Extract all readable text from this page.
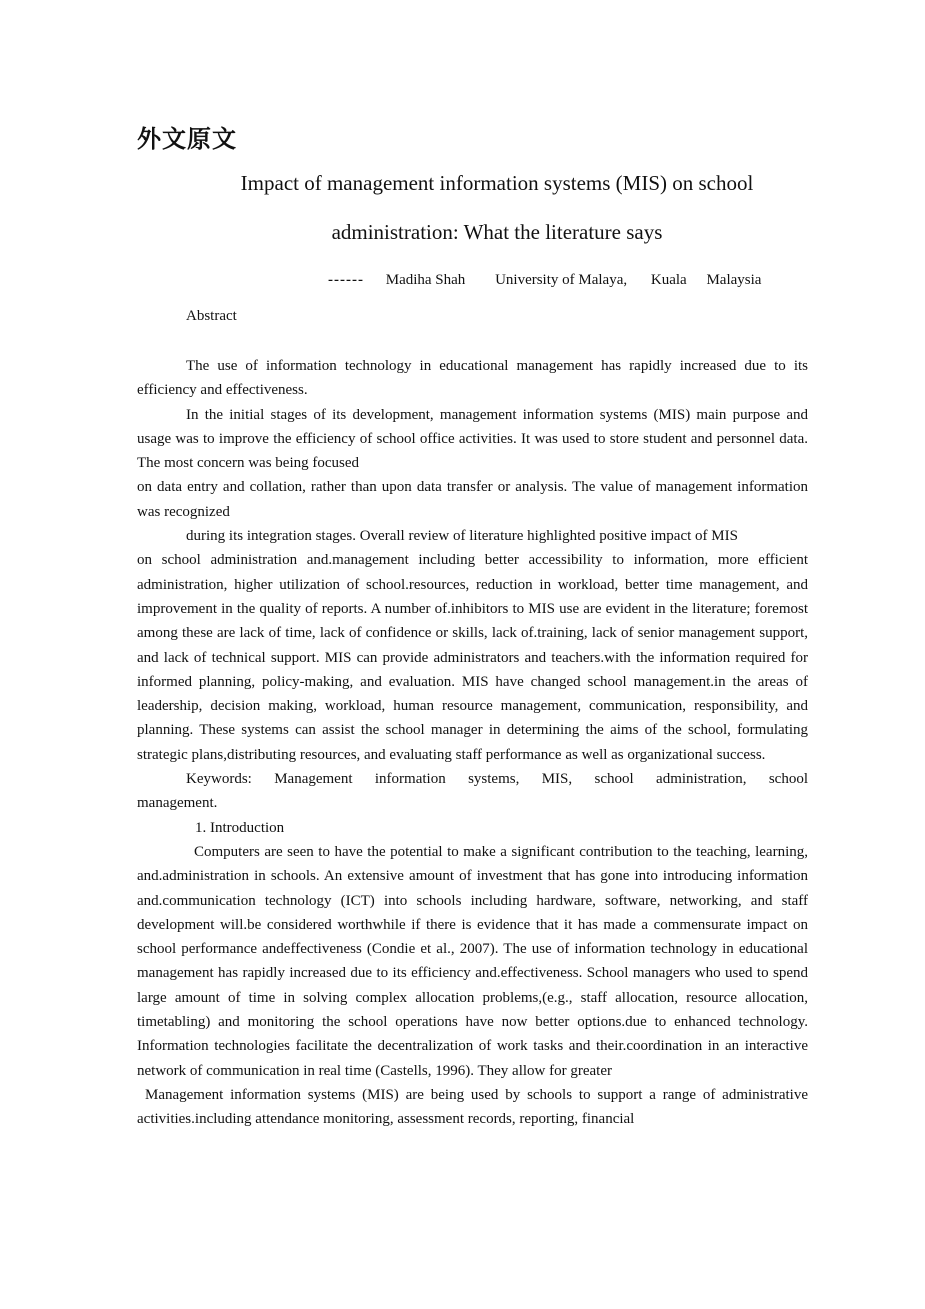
外文原文
Impact of management information systems (MIS) on school
administration: What the literature says
------ Madiha Shah University of Malaya, Kuala Malaysia
Abstract

The use of information technology in educational management has rapidly increased due to its efficiency and effectiveness.

In the initial stages of its development, management information systems (MIS) main purpose and usage was to improve the efficiency of school office activities. It was used to store student and personnel data. The most concern was being focused

on data entry and collation, rather than upon data transfer or analysis. The value of management information was recognized

during its integration stages. Overall review of literature highlighted positive impact of MIS

on school administration and.management including better accessibility to information, more efficient administration, higher utilization of school.resources, reduction in workload, better time management, and improvement in the quality of reports. A number of.inhibitors to MIS use are evident in the literature; foremost among these are lack of time, lack of confidence or skills, lack of.training, lack of senior management support, and lack of technical support. MIS can provide administrators and teachers.with the information required for informed planning, policy-making, and evaluation. MIS have changed school management.in the areas of leadership, decision making, workload, human resource management, communication, responsibility, and planning. These systems can assist the school manager in determining the aims of the school, formulating strategic plans,distributing resources, and evaluating staff performance as well as organizational success.

Keywords: Management information systems, MIS, school administration, school management.

1. Introduction

Computers are seen to have the potential to make a significant contribution to the teaching, learning, and.administration in schools. An extensive amount of investment that has gone into introducing information and.communication technology (ICT) into schools including hardware, software, networking, and staff development will.be considered worthwhile if there is evidence that it has made a commensurate impact on school performance andeffectiveness (Condie et al., 2007). The use of information technology in educational management has rapidly increased due to its efficiency and.effectiveness. School managers who used to spend large amount of time in solving complex allocation problems,(e.g., staff allocation, resource allocation, timetabling) and monitoring the school operations have now better options.due to enhanced technology. Information technologies facilitate the decentralization of work tasks and their.coordination in an interactive network of communication in real time (Castells, 1996). They allow for greater

Management information systems (MIS) are being used by schools to support a range of administrative activities.including attendance monitoring, assessment records, reporting, financial
